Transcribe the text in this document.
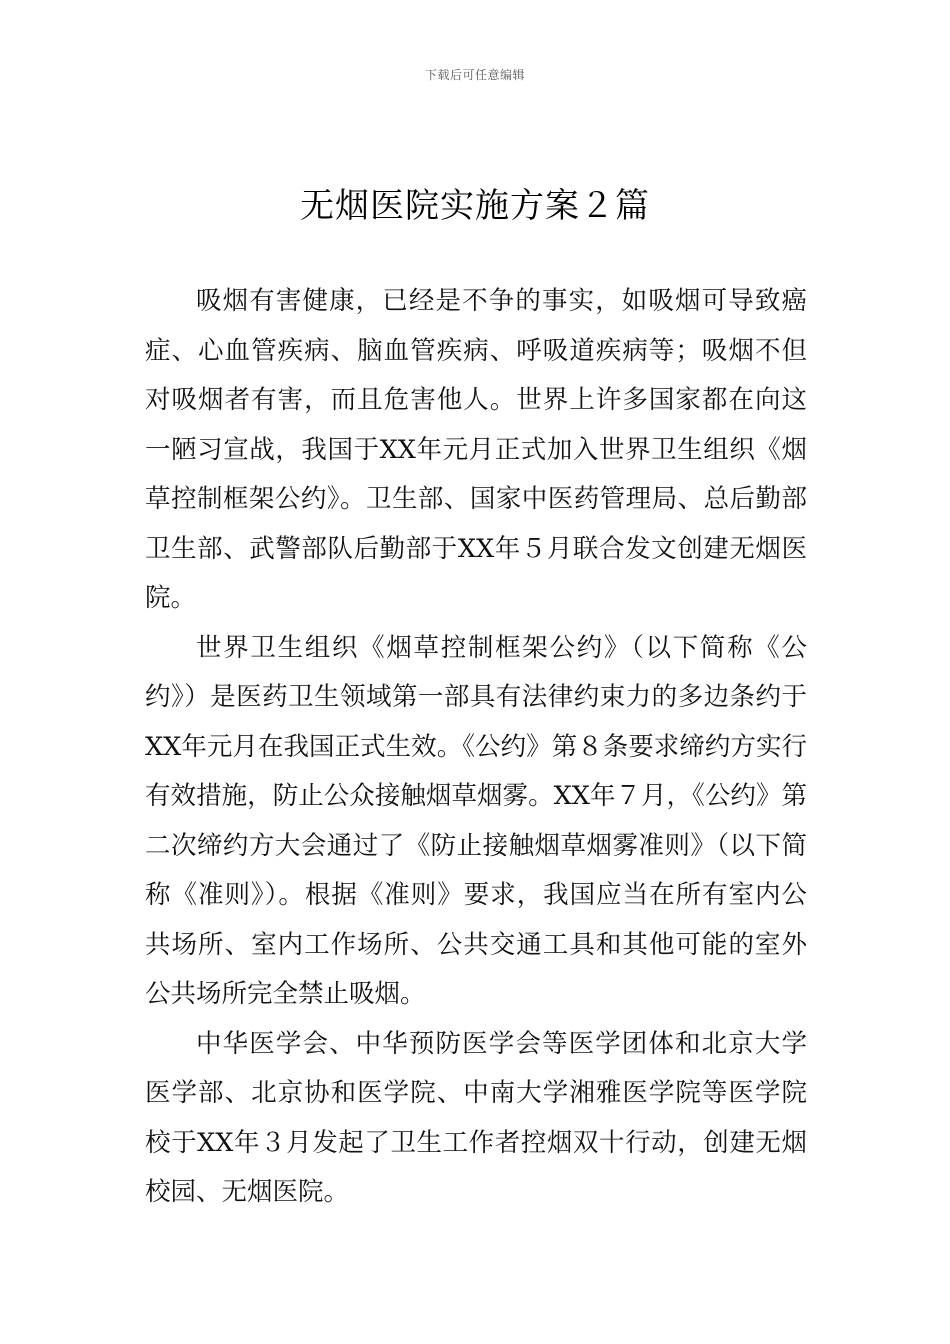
下载后可任意编辑
无烟医院实施方案２篇

吸烟有害健康，已经是不争的事实，如吸烟可导致癌症、心血管疾病、脑血管疾病、呼吸道疾病等；吸烟不但对吸烟者有害，而且危害他人。世界上许多国家都在向这一陋习宣战，我国于XX年元月正式加入世界卫生组织《烟草控制框架公约》。卫生部、国家中医药管理局、总后勤部卫生部、武警部队后勤部于XX年５月联合发文创建无烟医院。

世界卫生组织《烟草控制框架公约》（以下简称《公约》）是医药卫生领域第一部具有法律约束力的多边条约于XX年元月在我国正式生效。《公约》第８条要求缔约方实行有效措施，防止公众接触烟草烟雾。XX年７月，《公约》第二次缔约方大会通过了《防止接触烟草烟雾准则》（以下简称《准则》）。根据《准则》要求，我国应当在所有室内公共场所、室内工作场所、公共交通工具和其他可能的室外公共场所完全禁止吸烟。

中华医学会、中华预防医学会等医学团体和北京大学医学部、北京协和医学院、中南大学湘雅医学院等医学院校于XX年３月发起了卫生工作者控烟双十行动，创建无烟校园、无烟医院。
